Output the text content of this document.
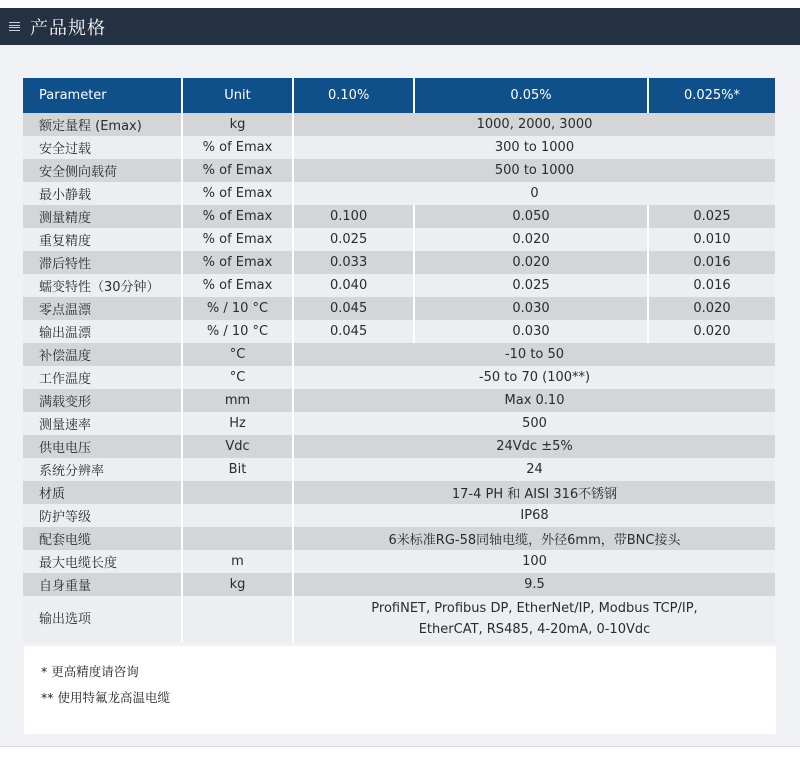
产品规格
Parameter	Unit	0.10%	0.05%	0.025%*
额定量程 (Emax)	kg	1000, 2000, 3000		
安全过载	% of Emax	300 to 1000		
安全侧向载荷	% of Emax	500 to 1000		
最小静载	% of Emax	0		
测量精度	% of Emax	0.100	0.050	0.025
重复精度	% of Emax	0.025	0.020	0.010
滞后特性	% of Emax	0.033	0.020	0.016
蠕变特性（30分钟）	% of Emax	0.040	0.025	0.016
零点温漂	% / 10 °C	0.045	0.030	0.020
输出温漂	% / 10 °C	0.045	0.030	0.020
补偿温度	°C	-10 to 50		
工作温度	°C	-50 to 70 (100**)		
满载变形	mm	Max 0.10		
测量速率	Hz	500		
供电电压	Vdc	24Vdc ±5%		
系统分辨率	Bit	24		
材质		17-4 PH 和 AISI 316不锈钢		
防护等级		IP68		
配套电缆		6米标准RG-58同轴电缆，外径6mm，带BNC接头		
最大电缆长度	m	100		
自身重量	kg	9.5		
输出选项		ProfiNET, Profibus DP, EtherNet/IP, Modbus TCP/IP,
EtherCAT, RS485, 4-20mA, 0-10Vdc		

* 更高精度请咨询

** 使用特氟龙高温电缆
